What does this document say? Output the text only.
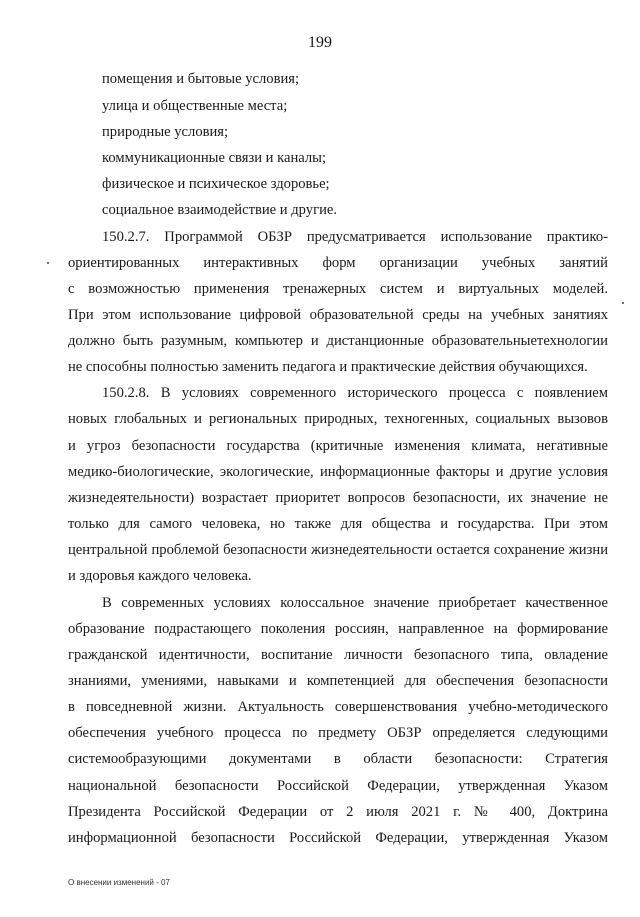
199
помещения и бытовые условия;
улица и общественные места;
природные условия;
коммуникационные связи и каналы;
физическое и психическое здоровье;
социальное взаимодействие и другие.
150.2.7. Программой ОБЗР предусматривается использование практико-
ориентированных интерактивных форм организации учебных занятий
с возможностью применения тренажерных систем и виртуальных моделей.
При этом использование цифровой образовательной среды на учебных занятиях
должно быть разумным, компьютер и дистанционные образовательныетехнологии
не способны полностью заменить педагога и практические действия обучающихся.
150.2.8. В условиях современного исторического процесса с появлением
новых глобальных и региональных природных, техногенных, социальных вызовов
и угроз безопасности государства (критичные изменения климата, негативные
медико-биологические, экологические, информационные факторы и другие условия
жизнедеятельности) возрастает приоритет вопросов безопасности, их значение не
только для самого человека, но также для общества и государства. При этом
центральной проблемой безопасности жизнедеятельности остается сохранение жизни
и здоровья каждого человека.
В современных условиях колоссальное значение приобретает качественное
образование подрастающего поколения россиян, направленное на формирование
гражданской идентичности, воспитание личности безопасного типа, овладение
знаниями, умениями, навыками и компетенцией для обеспечения безопасности
в повседневной жизни. Актуальность совершенствования учебно-методического
обеспечения учебного процесса по предмету ОБЗР определяется следующими
системообразующими документами в области безопасности: Стратегия
национальной безопасности Российской Федерации, утвержденная Указом
Президента Российской Федерации от 2 июля 2021 г. № 400, Доктрина
информационной безопасности Российской Федерации, утвержденная Указом
О внесении изменений - 07
